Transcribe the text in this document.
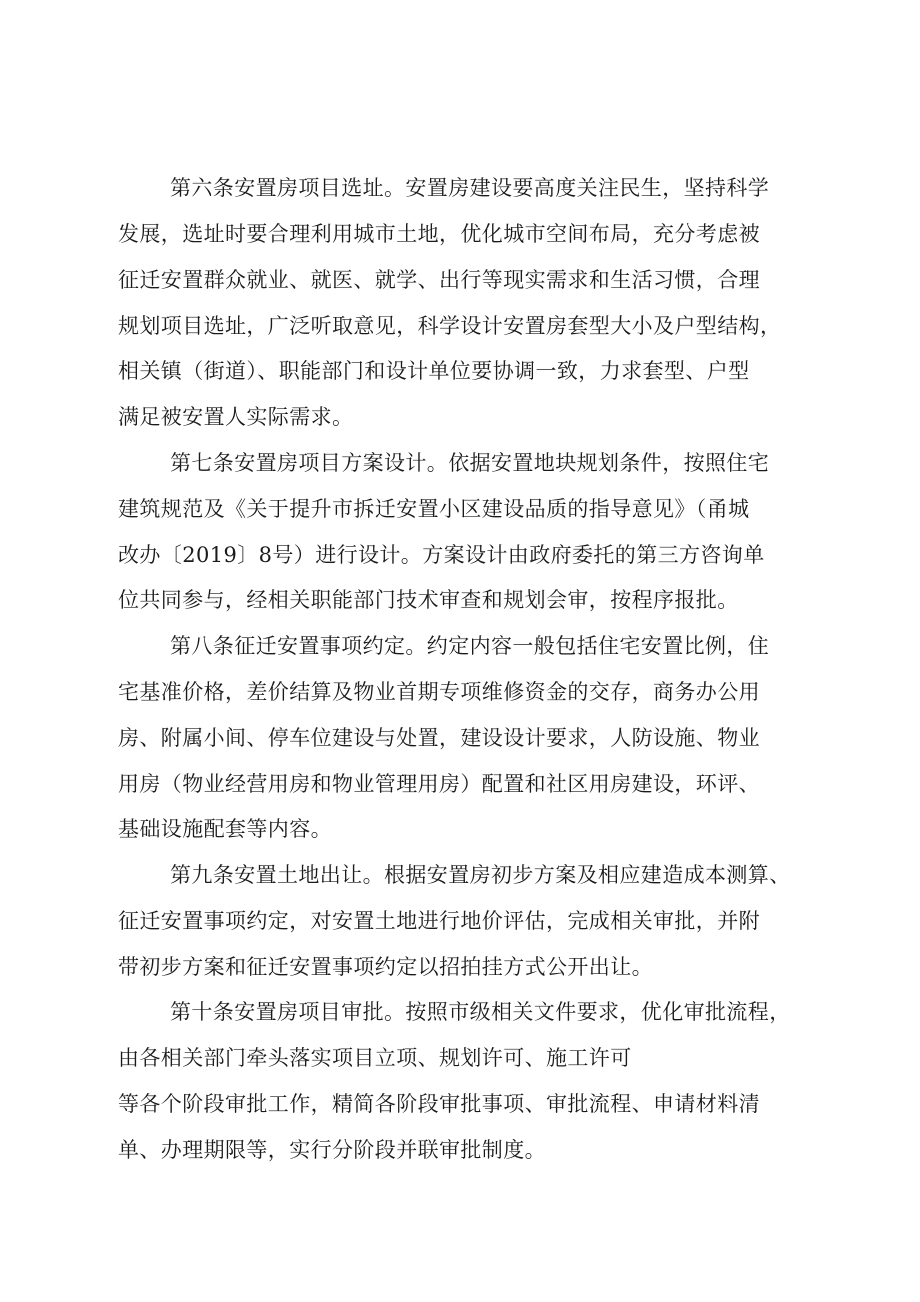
第六条安置房项目选址。安置房建设要高度关注民生，坚持科学
发展，选址时要合理利用城市土地，优化城市空间布局，充分考虑被
征迁安置群众就业、就医、就学、出行等现实需求和生活习惯，合理
规划项目选址，广泛听取意见，科学设计安置房套型大小及户型结构，
相关镇（街道）、职能部门和设计单位要协调一致，力求套型、户型
满足被安置人实际需求。
第七条安置房项目方案设计。依据安置地块规划条件，按照住宅
建筑规范及《关于提升市拆迁安置小区建设品质的指导意见》（甬城
改办〔2019〕8号）进行设计。方案设计由政府委托的第三方咨询单
位共同参与，经相关职能部门技术审查和规划会审，按程序报批。
第八条征迁安置事项约定。约定内容一般包括住宅安置比例，住
宅基准价格，差价结算及物业首期专项维修资金的交存，商务办公用
房、附属小间、停车位建设与处置，建设设计要求，人防设施、物业
用房（物业经营用房和物业管理用房）配置和社区用房建设，环评、
基础设施配套等内容。
第九条安置土地出让。根据安置房初步方案及相应建造成本测算、
征迁安置事项约定，对安置土地进行地价评估，完成相关审批，并附
带初步方案和征迁安置事项约定以招拍挂方式公开出让。
第十条安置房项目审批。按照市级相关文件要求，优化审批流程，
由各相关部门牵头落实项目立项、规划许可、施工许可
等各个阶段审批工作，精简各阶段审批事项、审批流程、申请材料清
单、办理期限等，实行分阶段并联审批制度。
